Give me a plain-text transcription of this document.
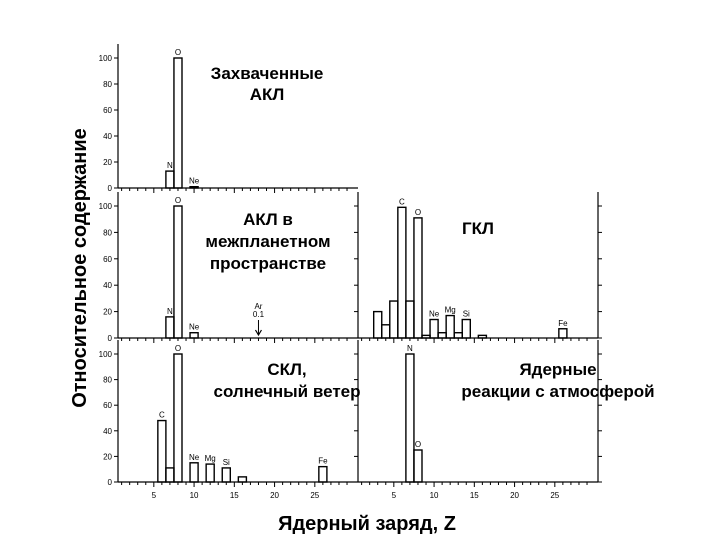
Относительное содержание
Ядерный заряд, Z
0
20
40
60
80
100
N
O
Ne
Захваченные
АКЛ
0
20
40
60
80
100
N
O
Ne
Ar
0.1
АКЛ в
межпланетном
пространстве
C
O
Ne Mg Si
Fe
ГКЛ
0
20
40
60
80
100
5	10	15	20	25
C
O
Ne Mg Si	Fe
СКЛ,
солнечный ветер
5	10	15	20	25
N
O
Ядерные
реакции с атмосферой
